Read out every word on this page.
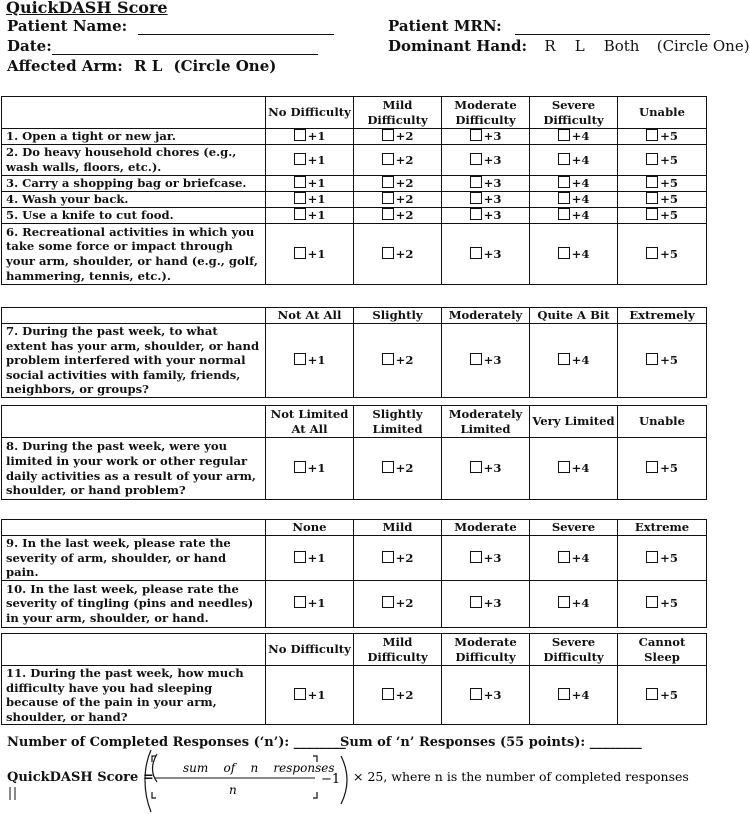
QuickDASH Score
Patient Name:
Date:
Affected Arm: R L (Circle One)
Patient MRN:
Dominant Hand: R    L    Both (Circle One)
	No Difficulty	Mild Difficulty	Moderate Difficulty	Severe Difficulty	Unable
1. Open a tight or new jar.	+1	+2	+3	+4	+5
2. Do heavy household chores (e.g., wash walls, floors, etc.).	+1	+2	+3	+4	+5
3. Carry a shopping bag or briefcase.	+1	+2	+3	+4	+5
4. Wash your back.	+1	+2	+3	+4	+5
5. Use a knife to cut food.	+1	+2	+3	+4	+5
6. Recreational activities in which you take some force or impact through your arm, shoulder, or hand (e.g., golf, hammering, tennis, etc.).	+1	+2	+3	+4	+5
	Not At All	Slightly	Moderately	Quite A Bit	Extremely
7. During the past week, to what extent has your arm, shoulder, or hand problem interfered with your normal social activities with family, friends, neighbors, or groups?	+1	+2	+3	+4	+5
	Not Limited At All	Slightly Limited	Moderately Limited	Very Limited	Unable
8. During the past week, were you limited in your work or other regular daily activities as a result of your arm, shoulder, or hand problem?	+1	+2	+3	+4	+5
	None	Mild	Moderate	Severe	Extreme
9. In the last week, please rate the severity of arm, shoulder, or hand pain.	+1	+2	+3	+4	+5
10. In the last week, please rate the severity of tingling (pins and needles) in your arm, shoulder, or hand.	+1	+2	+3	+4	+5
	No Difficulty	Mild Difficulty	Moderate Difficulty	Severe Difficulty	Cannot Sleep
11. During the past week, how much difficulty have you had sleeping because of the pain in your arm, shoulder, or hand?	+1	+2	+3	+4	+5
Number of Completed Responses (‘n’): ________
Sum of ‘n’ Responses (55 points): ________
QuickDASH Score =
sum    of    n    responses
n
−1 × 25, where n is the number of completed responses
